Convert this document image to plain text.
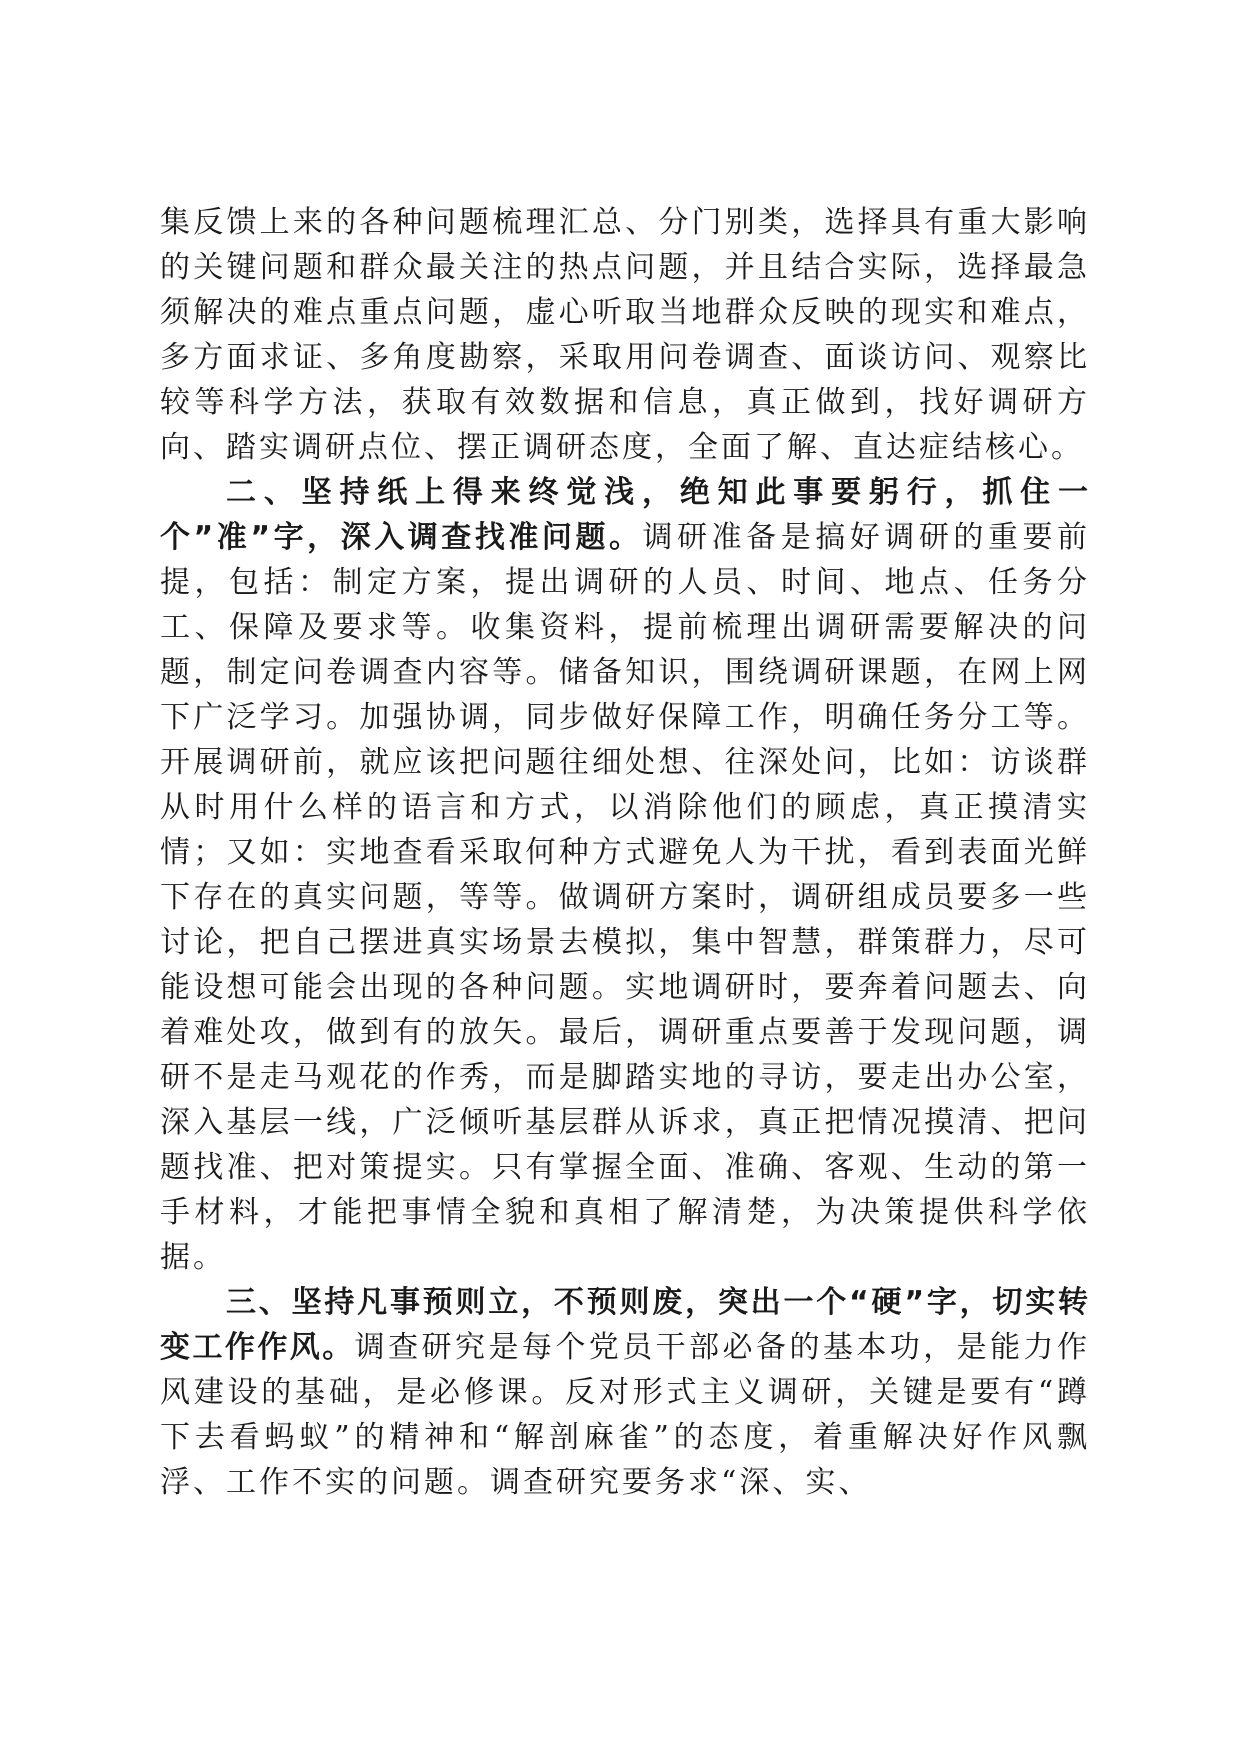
集反馈上来的各种问题梳理汇总、分门别类，选择具有重大影响的关键问题和群众最关注的热点问题，并且结合实际，选择最急须解决的难点重点问题，虚心听取当地群众反映的现实和难点，多方面求证、多角度勘察，采取用问卷调查、面谈访问、观察比较等科学方法，获取有效数据和信息，真正做到，找好调研方向、踏实调研点位、摆正调研态度，全面了解、直达症结核心。

二、坚持纸上得来终觉浅，绝知此事要躬行，抓住一个”准”字，深入调查找准问题。调研准备是搞好调研的重要前提，包括：制定方案，提出调研的人员、时间、地点、任务分工、保障及要求等。收集资料，提前梳理出调研需要解决的问题，制定问卷调查内容等。储备知识，围绕调研课题，在网上网下广泛学习。加强协调，同步做好保障工作，明确任务分工等。开展调研前，就应该把问题往细处想、往深处问，比如：访谈群从时用什么样的语言和方式，以消除他们的顾虑，真正摸清实情；又如：实地查看采取何种方式避免人为干扰，看到表面光鲜下存在的真实问题，等等。做调研方案时，调研组成员要多一些讨论，把自己摆进真实场景去模拟，集中智慧，群策群力，尽可能设想可能会出现的各种问题。实地调研时，要奔着问题去、向着难处攻，做到有的放矢。最后，调研重点要善于发现问题，调研不是走马观花的作秀，而是脚踏实地的寻访，要走出办公室，深入基层一线，广泛倾听基层群从诉求，真正把情况摸清、把问题找准、把对策提实。只有掌握全面、准确、客观、生动的第一手材料，才能把事情全貌和真相了解清楚，为决策提供科学依据。

三、坚持凡事预则立，不预则废，突出一个“硬”字，切实转变工作作风。调查研究是每个党员干部必备的基本功，是能力作风建设的基础，是必修课。反对形式主义调研，关键是要有“蹲下去看蚂蚁”的精神和“解剖麻雀”的态度，着重解决好作风飘浮、工作不实的问题。调查研究要务求“深、实、
